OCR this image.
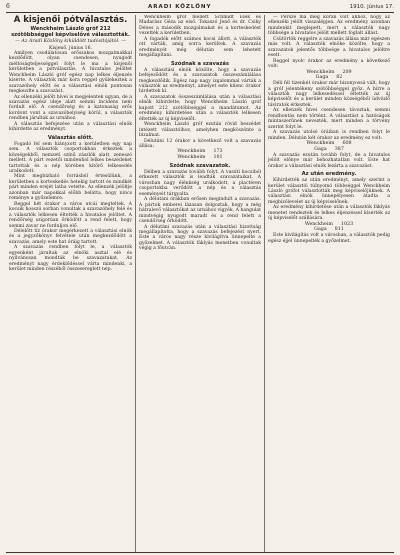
6	ARADI KÖZLÖNY	1910. június 17.

A kisjenői pótválasztás.

Wenckheim László gróf 212 szótöbbséggel képviselővé választották.

— Az Aradi Közlöny kiküldött tudósítójától. —

Kisjenő, június 16.

Amilyen csodálatosan erőszakos mozgalmakkal kezdődött, olyan csendesen, nyugodt méltóságteljességgel folyt le ma a kisjenői kerületben a pótválasztás. A hivatalos jelöltet Wenckheim László gróf egész nap lelkes éljenzés kísérte. A választók már kora reggel gyülekeztek a szavazóhely előtt és a választási elnök pontosan megkezdte a szavazást.

Az ellenzéki jelölt hívei is megjelentek ugyan, de a szavazás egész ideje alatt semmi incidens nem fordult elő. A csendőrség és a katonaság erős kordont vont a szavazóhelyiség körül, a választók rendben járultak az urnához.

A választás befejezése után a választási elnök kihirdette az eredményt.

Választás előtt.

Fogadó fel sem hiányzott a kerületben egy nap sem. A választók csoportokban érkeztek a községekből, nemzeti színű zászlók alatt, zeneszó mellett. A párt vezetői mindenhol lelkes beszédeket tartottak és a nép körében kitörő lelkesedés uralkodott.

Mint megbízható forrásból értesülünk, a kerületben a korteskedés hetekig tartott és mindkét párt minden erejét latba vetette. Az ellenzék jelöltje azonban már napokkal előbb belátta, hogy nincs reménye a győzelemre.

Reggel hét órakor a város utcái megteltek. A kocsik hosszú sorban vonultak a szavazóhely felé és a választók lelkesen éltették a hivatalos jelöltet. A rendőrség szigorúan őrködött a rend felett, hogy semmi zavar ne forduljon elő.

Délelőtt tíz órakor megérkezett a választási elnök és a jegyzőkönyv felvétele után megkezdődött a szavazás, amely este hat óráig tartott.

A szavazás rendben folyt le, a választók egyenként járultak az elnöki asztal elé és nyilvánosan mondták be szavazatukat. Az eredményt nagy érdeklődéssel várta mindenki, a kerület minden részéből összesereglett nép.

Wenckheim gróf mellett Schmidt Elek és Madarász Géza az első. Tokaszó Jenő és dr. Csiky Dénes a második mozgalmakat és a korteskedést vezették a kerületben.

A fogadók előtt számos kocsi állott, a választók ott várták, amíg sorra kerültek. A szavazás eredményét még délután sem lehetett megállapítani.

Szódnak a szavazás

A választási elnök közölte, hogy a szavazás befejeződött és a szavazatok összeszámlálása megkezdődik. Egész nap nagy izgalommal várták a választók az eredményt, amelyet este kilenc órakor hirdettek ki.

A szavazatok összeszámlálása után a választási elnök kihirdette, hogy Wenckheim László gróf kapott 212 szótöbbséggel a mandátumot. Az eredmény kihirdetése után a választók lelkesen éltették az új képviselőt.

Wenckheim László gróf ezután rövid beszédet intézett választóihoz, amelyben megköszönte a bizalmat.

Délutáni 12 órakor a következő volt a szavazás állása:

Wenckheim 173
Wenckheim 101

Szódnak szavazatok.

Délben a szavazás tovább folyt. A vasúti kocsiból érkezett választók is leadták szavazataikat. A városban nagy élénkség uralkodott, a piactéren csoportokba verődött a nép és a választás eseményeit tárgyalta.

A délutáni órákban erősen megindult a szavazás. A pártok emberei lázasan dolgoztak, hogy a még hátralevő választókat az urnához vigyék. A hangulat mindvégig nyugodt maradt és a rend felett a csendőrség őrködött.

A délutáni szavazás után a választási bizottság megállapította, hogy a szavazás befejezést nyert. Este a város nagy része kivilágítva ünnepelte a győzelmet. A választók fáklyás menetben vonultak végig a főutcán.

— Persze ma még korán volt ahhoz, hogy az ellenzéki jelölt visszalépjen. Az eredmény azonban mindenkit meglepett, mert a választók nagy többsége a hivatalos jelölt mellett foglalt állást.

Csütörtök reggelre a szavazás állása már egészen más volt. A választók elnöke közölte, hogy a szavazatok jelentős többsége a hivatalos jelöltre esett.

Reggel nyolc órakor az eredmény a következő volt:

Wenckheim 209
Gaga 82

Déli fél tizenkét órakor már bizonyossá vált, hogy a gróf jelentékeny szótöbbséggel győz. A hírre a választók nagy lelkesedéssel éltették az új képviselőt és a kerület minden községéből üdvözlő táviratok érkeztek.

Az ellenzék hívei csendesen távoztak, semmi rendbontás nem történt. A választást a hatóságok mintaszerűnek nevezték, mert minden a törvény szerint folyt le.

A szavazás utolsó óráiban is rendben folyt le minden. Délután két órakor az eredmény ez volt:

Wenckheim 608
Gaga 387

A szavazás ezután tovább folyt, de a hivatalos jelölt előnye már behozhatatlan volt. Este hat órakor a választási elnök lezárta a szavazást.

Az után eredmény.

Kihirdették az után eredményt, amely szerint a kerület választói túlnyomó többséggel Wenckheim László grófot választották meg képviselőjüknek. A választási elnök ünnepélyesen átadta a megbízólevelet az új képviselőnek.

Az eredmény kihirdetése után a választók fáklyás menetet rendeztek és lelkes éljenzéssel kísérték az új képviselőt szállására.

Wenckheim 1023
Gaga 811

Este kivilágítás volt a városban, a választók pedig egész éjjel ünnepelték a győzelmet.
